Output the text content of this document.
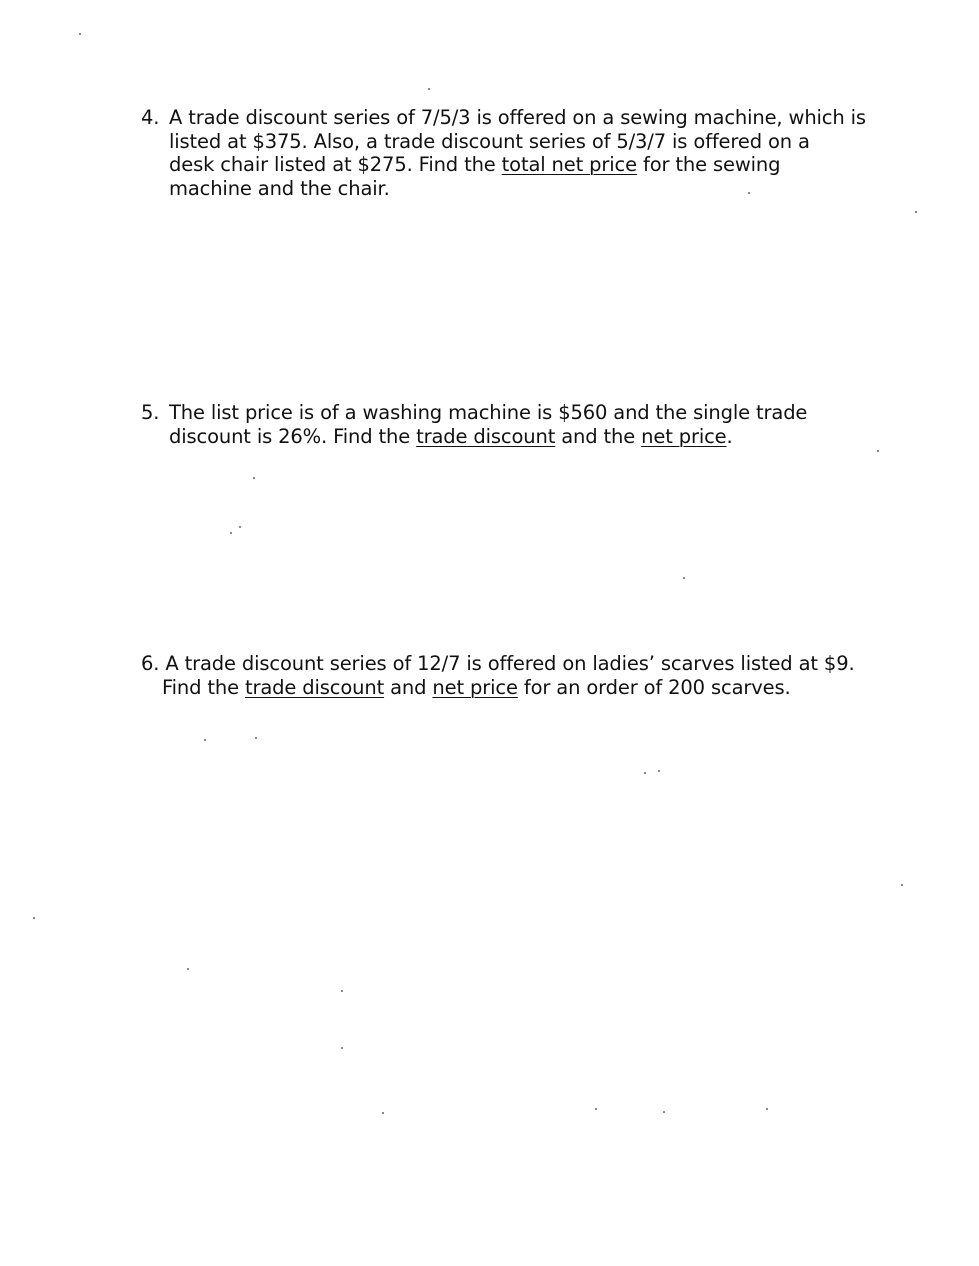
4. A trade discount series of 7/5/3 is offered on a sewing machine, which is
listed at $375. Also, a trade discount series of 5/3/7 is offered on a
desk chair listed at $275. Find the total net price for the sewing
machine and the chair.
5. The list price is of a washing machine is $560 and the single trade
discount is 26%. Find the trade discount and the net price.
6. A trade discount series of 12/7 is offered on ladies’ scarves listed at $9.
Find the trade discount and net price for an order of 200 scarves.
